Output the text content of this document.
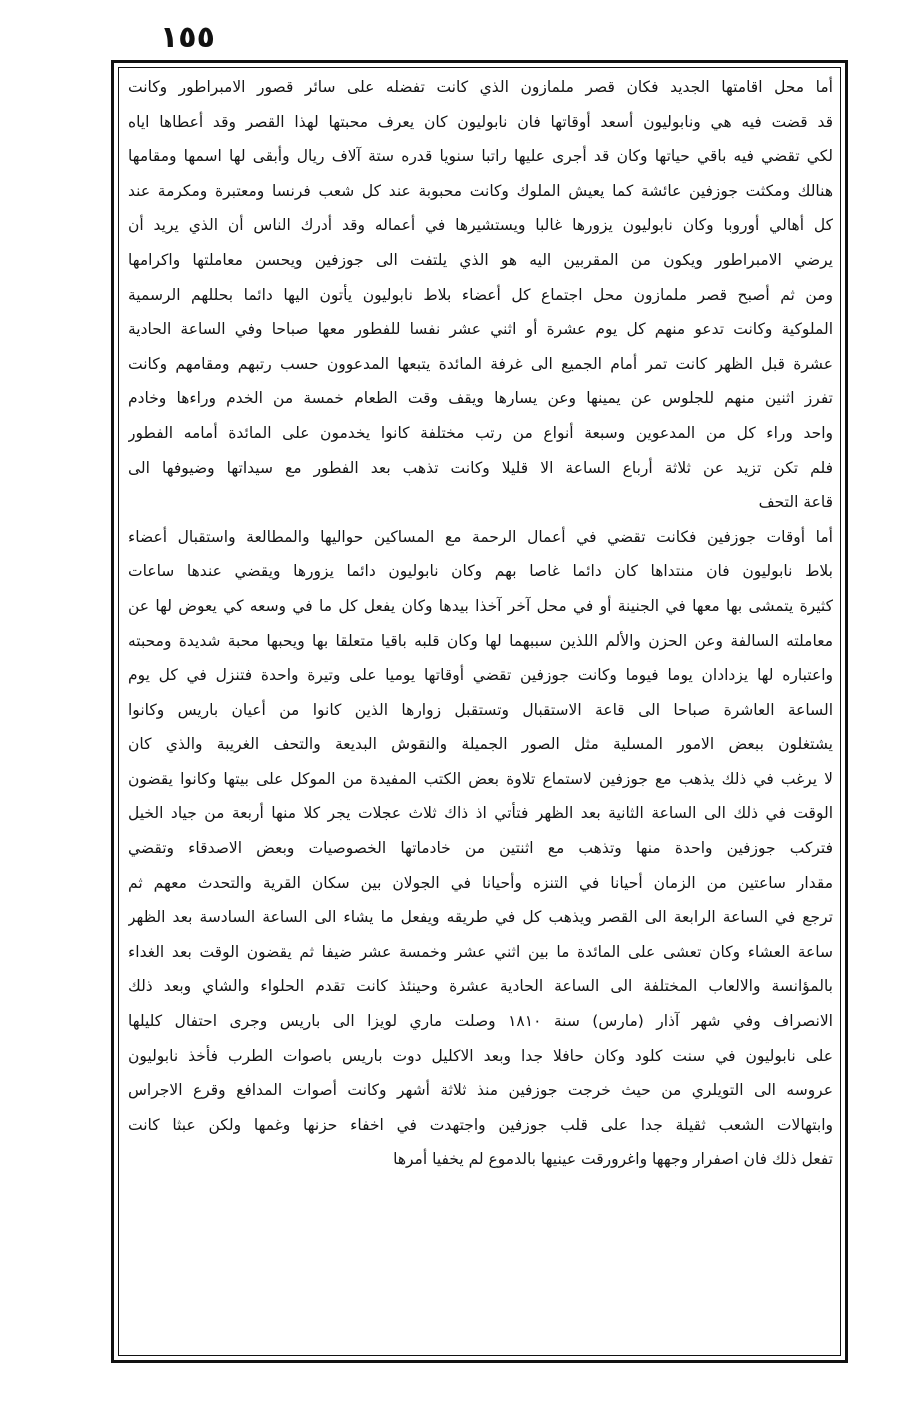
١٥٥
أما محل اقامتها الجديد فكان قصر ملمازون الذي كانت تفضله على سائر قصور الامبراطور وكانت
قد قضت فيه هي ونابوليون أسعد أوقاتها فان نابوليون كان يعرف محبتها لهذا القصر وقد أعطاها اياه
لكي تقضي فيه باقي حياتها وكان قد أجرى عليها راتبا سنويا قدره ستة آلاف ريال وأبقى لها اسمها ومقامها
هنالك ومكثت جوزفين عائشة كما يعيش الملوك وكانت محبوبة عند كل شعب فرنسا ومعتبرة ومكرمة عند
كل أهالي أوروبا وكان نابوليون يزورها غالبا ويستشيرها في أعماله وقد أدرك الناس أن الذي يريد أن
يرضي الامبراطور ويكون من المقربين اليه هو الذي يلتفت الى جوزفين ويحسن معاملتها واكرامها
ومن ثم أصبح قصر ملمازون محل اجتماع كل أعضاء بلاط نابوليون يأتون اليها دائما بحللهم الرسمية
الملوكية وكانت تدعو منهم كل يوم عشرة أو اثني عشر نفسا للفطور معها صباحا وفي الساعة الحادية
عشرة قبل الظهر كانت تمر أمام الجميع الى غرفة المائدة يتبعها المدعوون حسب رتبهم ومقامهم وكانت
تفرز اثنين منهم للجلوس عن يمينها وعن يسارها ويقف وقت الطعام خمسة من الخدم وراءها وخادم
واحد وراء كل من المدعوين وسبعة أنواع من رتب مختلفة كانوا يخدمون على المائدة أمامه الفطور
فلم تكن تزيد عن ثلاثة أرباع الساعة الا قليلا وكانت تذهب بعد الفطور مع سيداتها وضيوفها الى
قاعة التحف
أما أوقات جوزفين فكانت تقضي في أعمال الرحمة مع المساكين حواليها والمطالعة واستقبال أعضاء
بلاط نابوليون فان منتداها كان دائما غاصا بهم وكان نابوليون دائما يزورها ويقضي عندها ساعات
كثيرة يتمشى بها معها في الجنينة أو في محل آخر آخذا بيدها وكان يفعل كل ما في وسعه كي يعوض لها عن
معاملته السالفة وعن الحزن والألم اللذين سببهما لها وكان قلبه باقيا متعلقا بها ويحبها محبة شديدة ومحبته
واعتباره لها يزدادان يوما فيوما وكانت جوزفين تقضي أوقاتها يوميا على وتيرة واحدة فتنزل في كل يوم
الساعة العاشرة صباحا الى قاعة الاستقبال وتستقبل زوارها الذين كانوا من أعيان باريس وكانوا
يشتغلون ببعض الامور المسلية مثل الصور الجميلة والنقوش البديعة والتحف الغريبة والذي كان
لا يرغب في ذلك يذهب مع جوزفين لاستماع تلاوة بعض الكتب المفيدة من الموكل على بيتها وكانوا يقضون
الوقت في ذلك الى الساعة الثانية بعد الظهر فتأتي اذ ذاك ثلاث عجلات يجر كلا منها أربعة من جياد الخيل
فتركب جوزفين واحدة منها وتذهب مع اثنتين من خادماتها الخصوصيات وبعض الاصدقاء وتقضي
مقدار ساعتين من الزمان أحيانا في التنزه وأحيانا في الجولان بين سكان القرية والتحدث معهم ثم
ترجع في الساعة الرابعة الى القصر ويذهب كل في طريقه ويفعل ما يشاء الى الساعة السادسة بعد الظهر
ساعة العشاء وكان تعشى على المائدة ما بين اثني عشر وخمسة عشر ضيفا ثم يقضون الوقت بعد الغداء
بالمؤانسة والالعاب المختلفة الى الساعة الحادية عشرة وحينئذ كانت تقدم الحلواء والشاي وبعد ذلك
الانصراف وفي شهر آذار (مارس) سنة ١٨١٠ وصلت ماري لويزا الى باريس وجرى احتفال كليلها
على نابوليون في سنت كلود وكان حافلا جدا وبعد الاكليل دوت باريس باصوات الطرب فأخذ نابوليون
عروسه الى التويلري من حيث خرجت جوزفين منذ ثلاثة أشهر وكانت أصوات المدافع وقرع الاجراس
وابتهالات الشعب ثقيلة جدا على قلب جوزفين واجتهدت في اخفاء حزنها وغمها ولكن عبثا كانت
تفعل ذلك فان اصفرار وجهها واغرورقت عينيها بالدموع لم يخفيا أمرها
